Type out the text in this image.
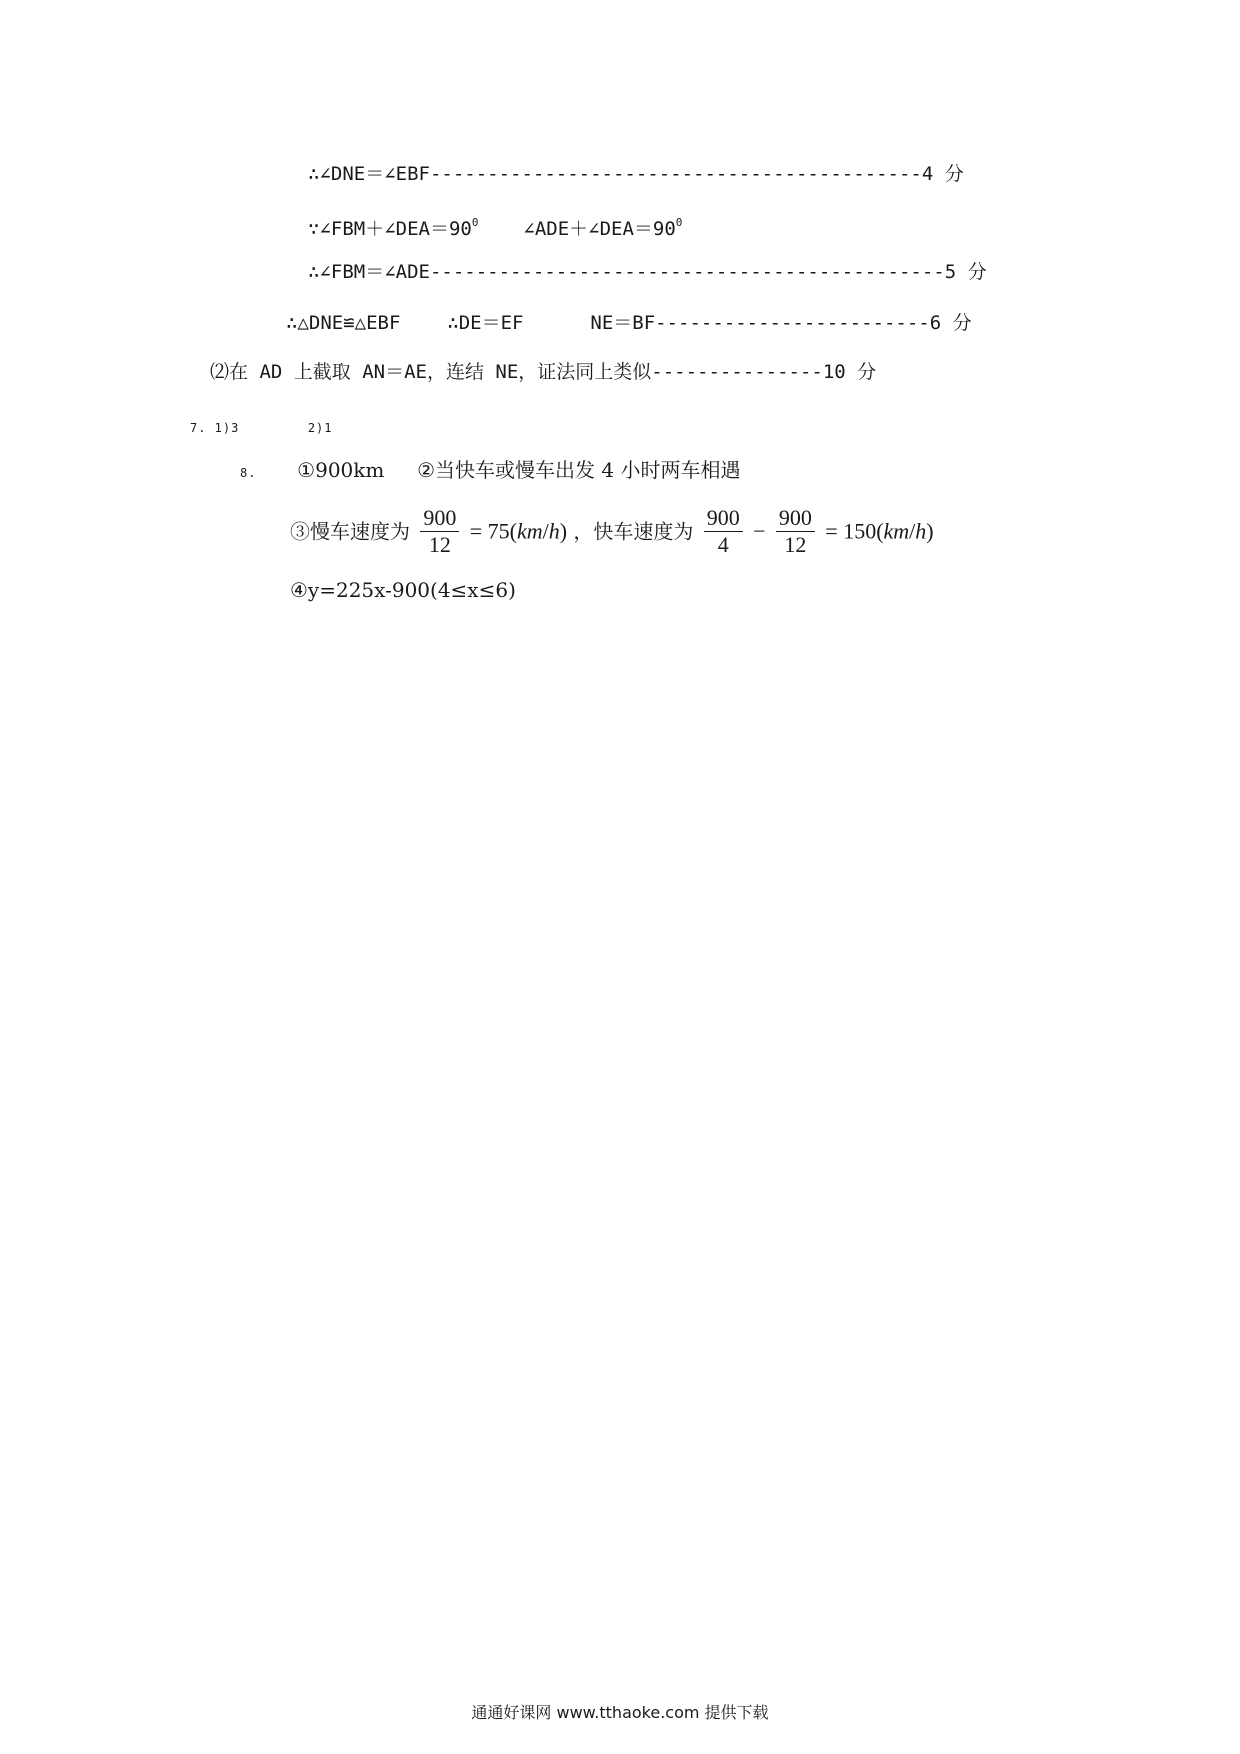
∴∠DNE＝∠EBF-------------------------------------------4 分
$\because\angle FBM+\angle DEA=90^0$ $\angle ADE+\angle DEA=90^0$
∴∠FBM＝∠ADE---------------------------------------------5 分
∴△DNE≌△EBF ∴DE＝EF	NE＝BF------------------------6 分
⑵在 AD 上截取 AN＝AE，连结 NE，证法同上类似---------------10 分
7. 1)3	2)1
8. ①900km ②当快车或慢车出发 4 小时两车相遇
③慢车速度为 $\frac{900}{12} = 75(km/h)$ ，快车速度为 $\frac{900}{4} - \frac{900}{12} = 150(km/h)$
④y=225x-900(4≤x≤6)
通通好课网 www.tthaoke.com 提供下载
